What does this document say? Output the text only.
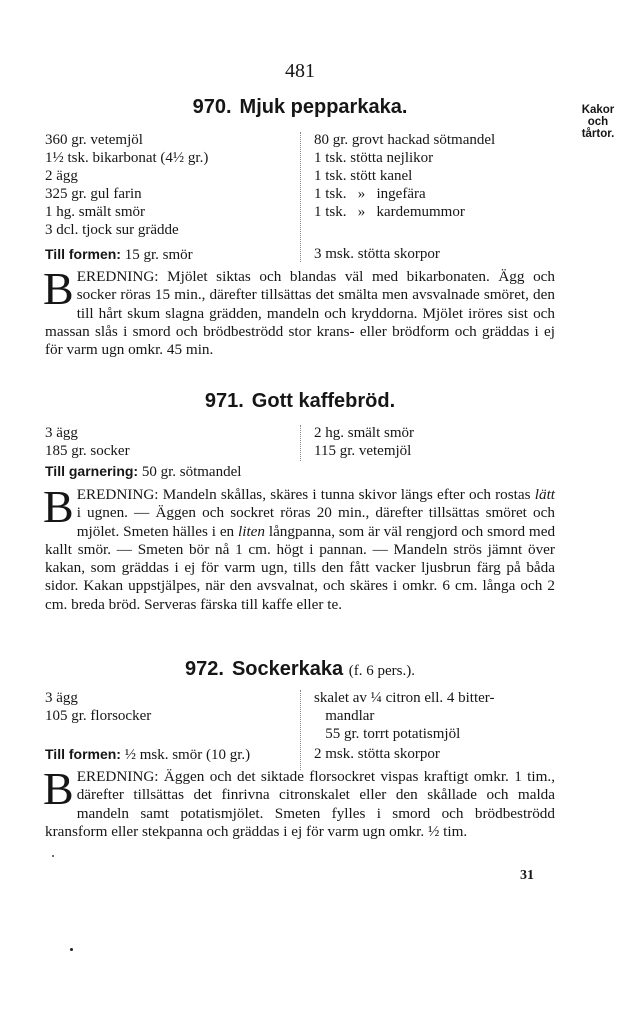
481
Kakor
och
tårtor.
970. Mjuk pepparkaka.
360 gr. vetemjöl
1½ tsk. bikarbonat (4½ gr.)
2 ägg
325 gr. gul farin
1 hg. smält smör
3 dcl. tjock sur grädde
80 gr. grovt hackad sötmandel
1 tsk. stötta nejlikor
1 tsk. stött kanel
1 tsk.   »   ingefära
1 tsk.   »   kardemummor
Till formen: 15 gr. smör	3 msk. stötta skorpor
BEREDNING: Mjölet siktas och blandas väl med bikarbonaten. Ägg och socker röras 15 min., därefter tillsättas det smälta men avsvalnade smöret, den till hårt skum slagna grädden, mandeln och kryddorna. Mjölet iröres sist och massan slås i smord och brödbeströdd stor krans- eller brödform och gräddas i ej för varm ugn omkr. 45 min.
971. Gott kaffebröd.
3 ägg
185 gr. socker
2 hg. smält smör
115 gr. vetemjöl
Till garnering: 50 gr. sötmandel
BEREDNING: Mandeln skållas, skäres i tunna skivor längs efter och rostas lätt i ugnen. — Äggen och sockret röras 20 min., därefter tillsättas smöret och mjölet. Smeten hälles i en liten långpanna, som är väl rengjord och smord med kallt smör. — Smeten bör nå 1 cm. högt i pannan. — Mandeln strös jämnt över kakan, som gräddas i ej för varm ugn, tills den fått vacker ljusbrun färg på båda sidor. Kakan uppstjälpes, när den avsvalnat, och skäres i omkr. 6 cm. långa och 2 cm. breda bröd. Serveras färska till kaffe eller te.
972. Sockerkaka (f. 6 pers.).
3 ägg
105 gr. florsocker
skalet av ¼ citron ell. 4 bitter-
mandlar
55 gr. torrt potatismjöl
Till formen: ½ msk. smör (10 gr.)	2 msk. stötta skorpor
BEREDNING: Äggen och det siktade florsockret vispas kraftigt omkr. 1 tim., därefter tillsättas det finrivna citronskalet eller den skållade och malda mandeln samt potatismjölet. Smeten fylles i smord och brödbeströdd kransform eller stekpanna och gräddas i ej för varm ugn omkr. ½ tim.
31
